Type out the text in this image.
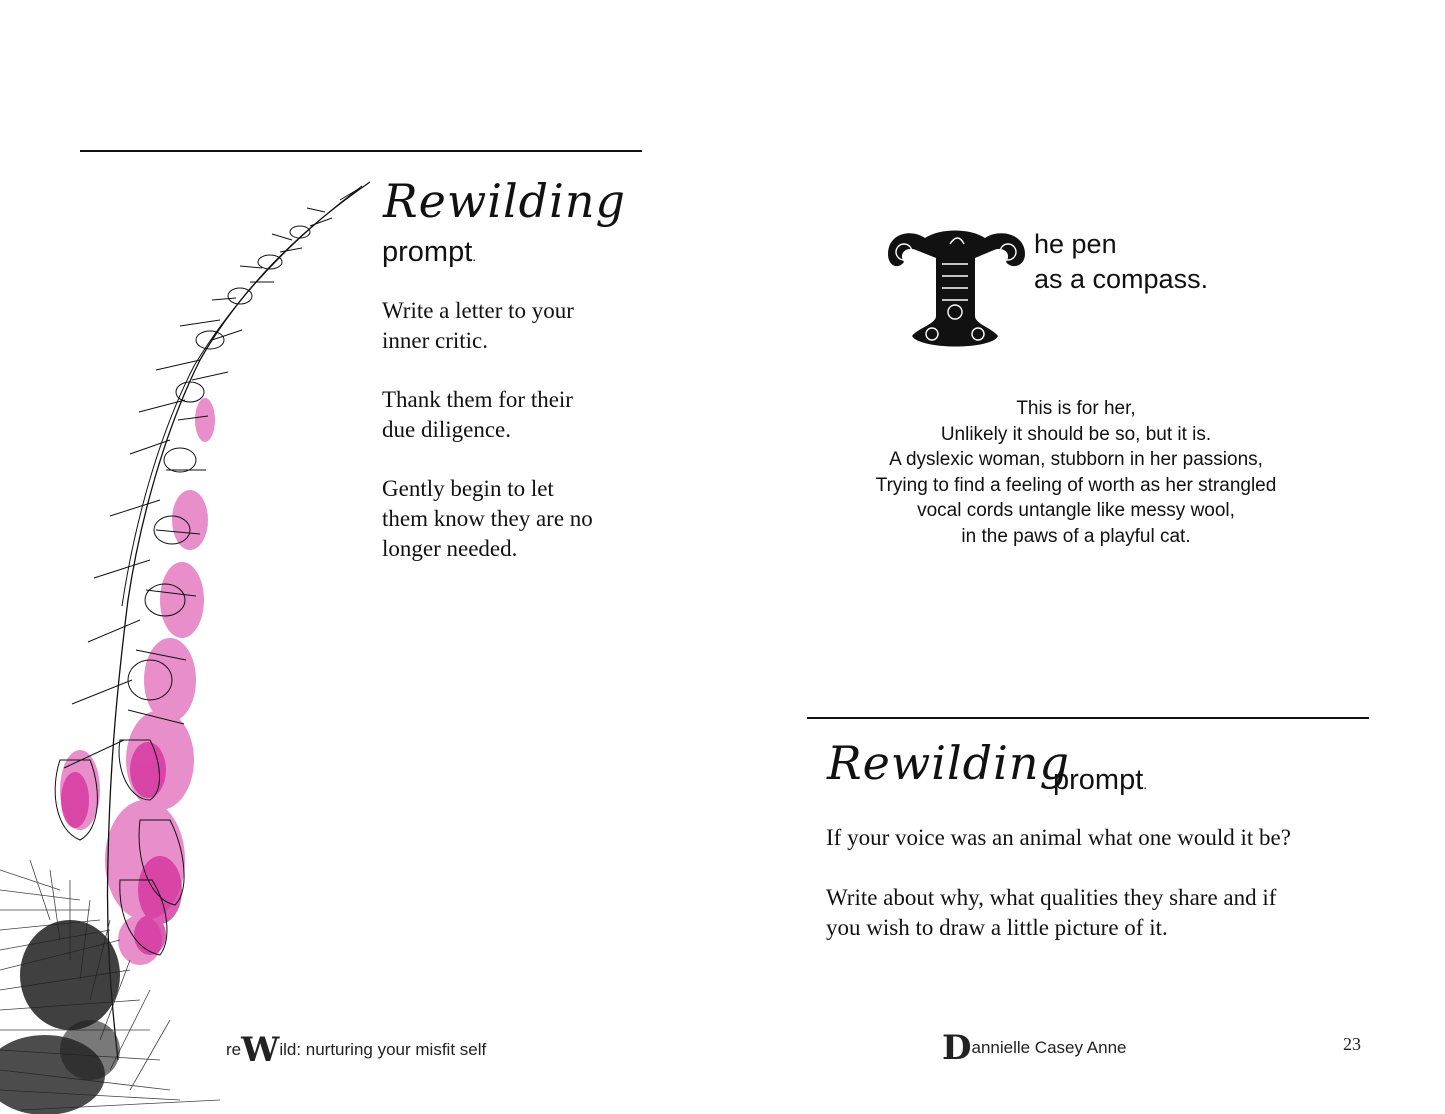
Rewilding
prompt.
Write a letter to your
inner critic.
Thank them for their
due diligence.
Gently begin to let
them know they are no
longer needed.
reWild: nurturing your misfit self
he pen
as a compass.
This is for her,
Unlikely it should be so, but it is.
A dyslexic woman, stubborn in her passions,
Trying to find a feeling of worth as her strangled
vocal cords untangle like messy wool,
in the paws of a playful cat.
Rewilding
prompt.
If your voice was an animal what one would it be?
Write about why, what qualities they share and if
you wish to draw a little picture of it.
Dannielle Casey Anne	23
